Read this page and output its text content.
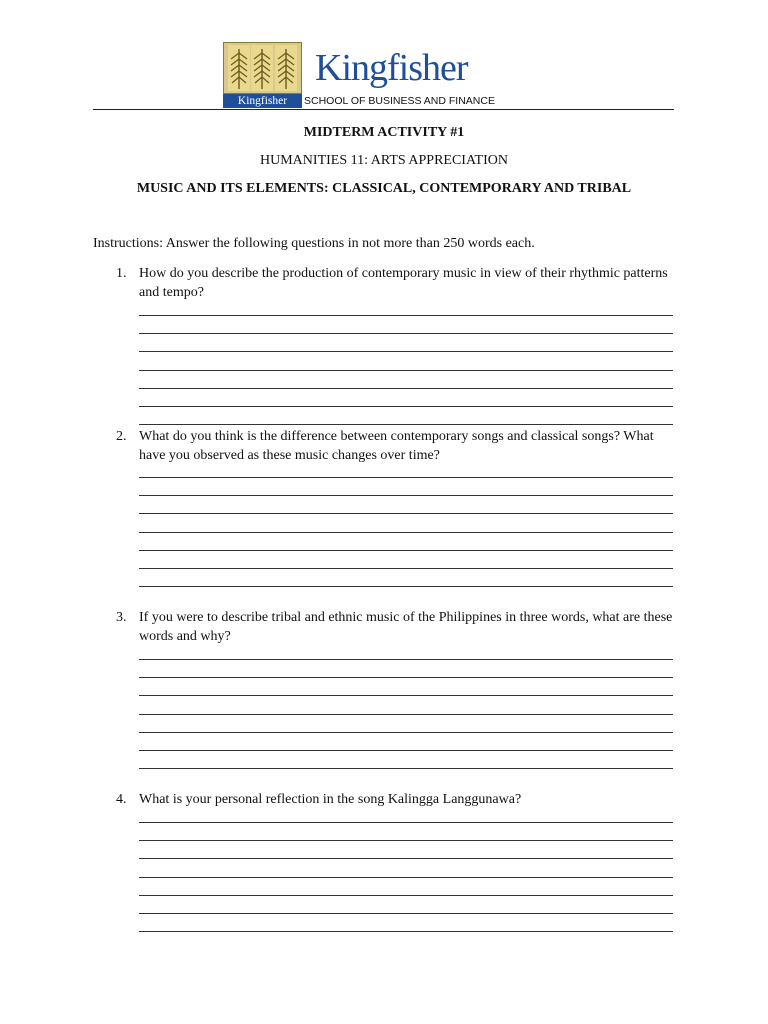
Kingfisher
Kingfisher
SCHOOL OF BUSINESS AND FINANCE
MIDTERM ACTIVITY #1
HUMANITIES 11: ARTS APPRECIATION
MUSIC AND ITS ELEMENTS: CLASSICAL, CONTEMPORARY AND TRIBAL
Instructions: Answer the following questions in not more than 250 words each.
1. How do you describe the production of contemporary music in view of their rhythmic patterns and tempo?
2. What do you think is the difference between contemporary songs and classical songs? What have you observed as these music changes over time?
3. If you were to describe tribal and ethnic music of the Philippines in three words, what are these words and why?
4. What is your personal reflection in the song Kalingga Langgunawa?
